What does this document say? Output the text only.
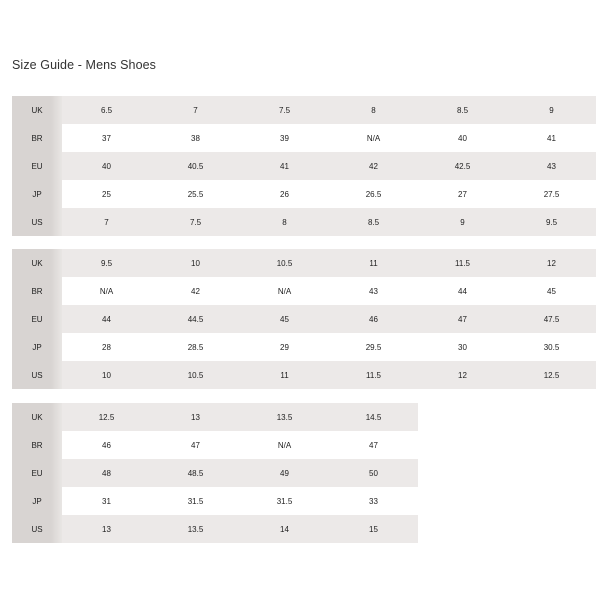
Size Guide - Mens Shoes
UK	6.5	7	7.5	8	8.5	9
BR	37	38	39	N/A	40	41
EU	40	40.5	41	42	42.5	43
JP	25	25.5	26	26.5	27	27.5
US	7	7.5	8	8.5	9	9.5
UK	9.5	10	10.5	11	11.5	12
BR	N/A	42	N/A	43	44	45
EU	44	44.5	45	46	47	47.5
JP	28	28.5	29	29.5	30	30.5
US	10	10.5	11	11.5	12	12.5
UK	12.5	13	13.5	14.5
BR	46	47	N/A	47
EU	48	48.5	49	50
JP	31	31.5	31.5	33
US	13	13.5	14	15
